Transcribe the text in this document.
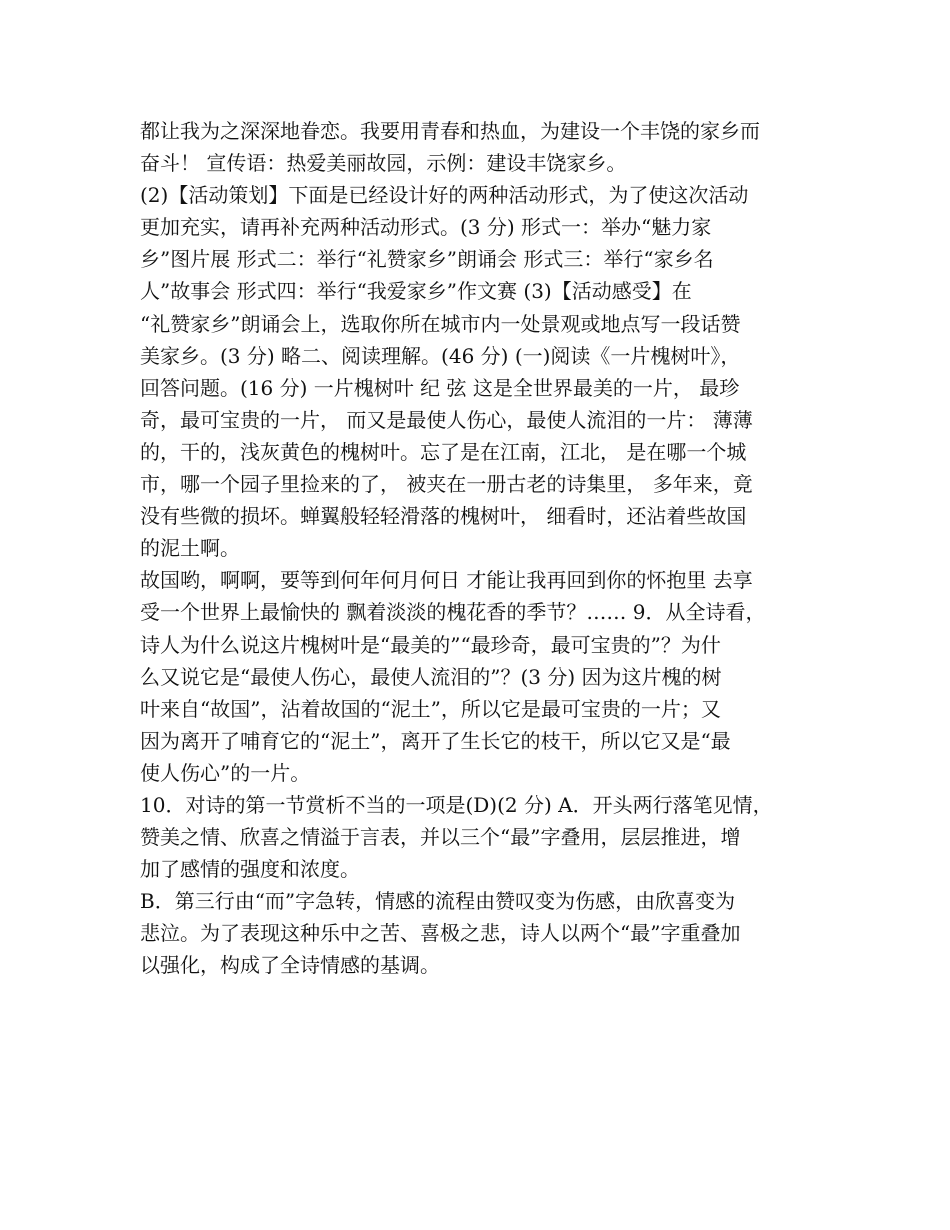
都让我为之深深地眷恋。我要用青春和热血，为建设一个丰饶的家乡而
奋斗！ 宣传语：热爱美丽故园，示例：建设丰饶家乡。
(2)【活动策划】下面是已经设计好的两种活动形式，为了使这次活动
更加充实，请再补充两种活动形式。(3 分) 形式一：举办“魅力家
乡”图片展 形式二：举行“礼赞家乡”朗诵会 形式三：举行“家乡名
人”故事会 形式四：举行“我爱家乡”作文赛 (3)【活动感受】在
“礼赞家乡”朗诵会上，选取你所在城市内一处景观或地点写一段话赞
美家乡。(3 分) 略二、阅读理解。(46 分) (一)阅读《一片槐树叶》，
回答问题。(16 分) 一片槐树叶 纪 弦 这是全世界最美的一片， 最珍
奇，最可宝贵的一片， 而又是最使人伤心，最使人流泪的一片： 薄薄
的，干的，浅灰黄色的槐树叶。忘了是在江南，江北， 是在哪一个城
市，哪一个园子里捡来的了， 被夹在一册古老的诗集里， 多年来，竟
没有些微的损坏。蝉翼般轻轻滑落的槐树叶， 细看时，还沾着些故国
的泥土啊。
故国哟，啊啊，要等到何年何月何日 才能让我再回到你的怀抱里 去享
受一个世界上最愉快的 飘着淡淡的槐花香的季节？…… 9．从全诗看，
诗人为什么说这片槐树叶是“最美的”“最珍奇，最可宝贵的”？为什
么又说它是“最使人伤心，最使人流泪的”？(3 分) 因为这片槐的树
叶来自“故国”，沾着故国的“泥土”，所以它是最可宝贵的一片；又
因为离开了哺育它的“泥土”，离开了生长它的枝干，所以它又是“最
使人伤心”的一片。
10．对诗的第一节赏析不当的一项是(D)(2 分) A．开头两行落笔见情，
赞美之情、欣喜之情溢于言表，并以三个“最”字叠用，层层推进，增
加了感情的强度和浓度。
B．第三行由“而”字急转，情感的流程由赞叹变为伤感，由欣喜变为
悲泣。为了表现这种乐中之苦、喜极之悲，诗人以两个“最”字重叠加
以强化，构成了全诗情感的基调。
